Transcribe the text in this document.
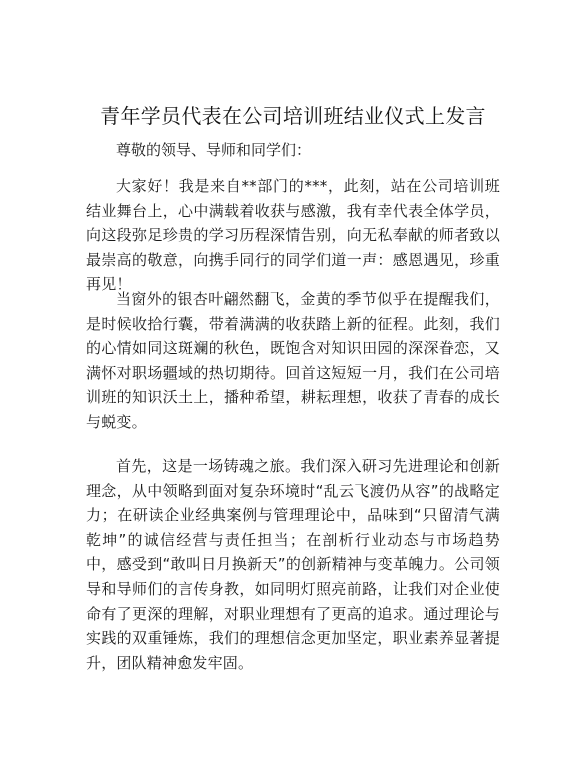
青年学员代表在公司培训班结业仪式上发言

尊敬的领导、导师和同学们：

大家好！我是来自**部门的***，此刻，站在公司培训班结业舞台上，心中满载着收获与感激，我有幸代表全体学员，向这段弥足珍贵的学习历程深情告别，向无私奉献的师者致以最崇高的敬意，向携手同行的同学们道一声：感恩遇见，珍重再见！

当窗外的银杏叶翩然翻飞，金黄的季节似乎在提醒我们，是时候收拾行囊，带着满满的收获踏上新的征程。此刻，我们的心情如同这斑斓的秋色，既饱含对知识田园的深深眷恋，又满怀对职场疆域的热切期待。回首这短短一月，我们在公司培训班的知识沃土上，播种希望，耕耘理想，收获了青春的成长与蜕变。

首先，这是一场铸魂之旅。我们深入研习先进理论和创新理念，从中领略到面对复杂环境时“乱云飞渡仍从容”的战略定力；在研读企业经典案例与管理理论中，品味到“只留清气满乾坤”的诚信经营与责任担当；在剖析行业动态与市场趋势中，感受到“敢叫日月换新天”的创新精神与变革魄力。公司领导和导师们的言传身教，如同明灯照亮前路，让我们对企业使命有了更深的理解，对职业理想有了更高的追求。通过理论与实践的双重锤炼，我们的理想信念更加坚定，职业素养显著提升，团队精神愈发牢固。
